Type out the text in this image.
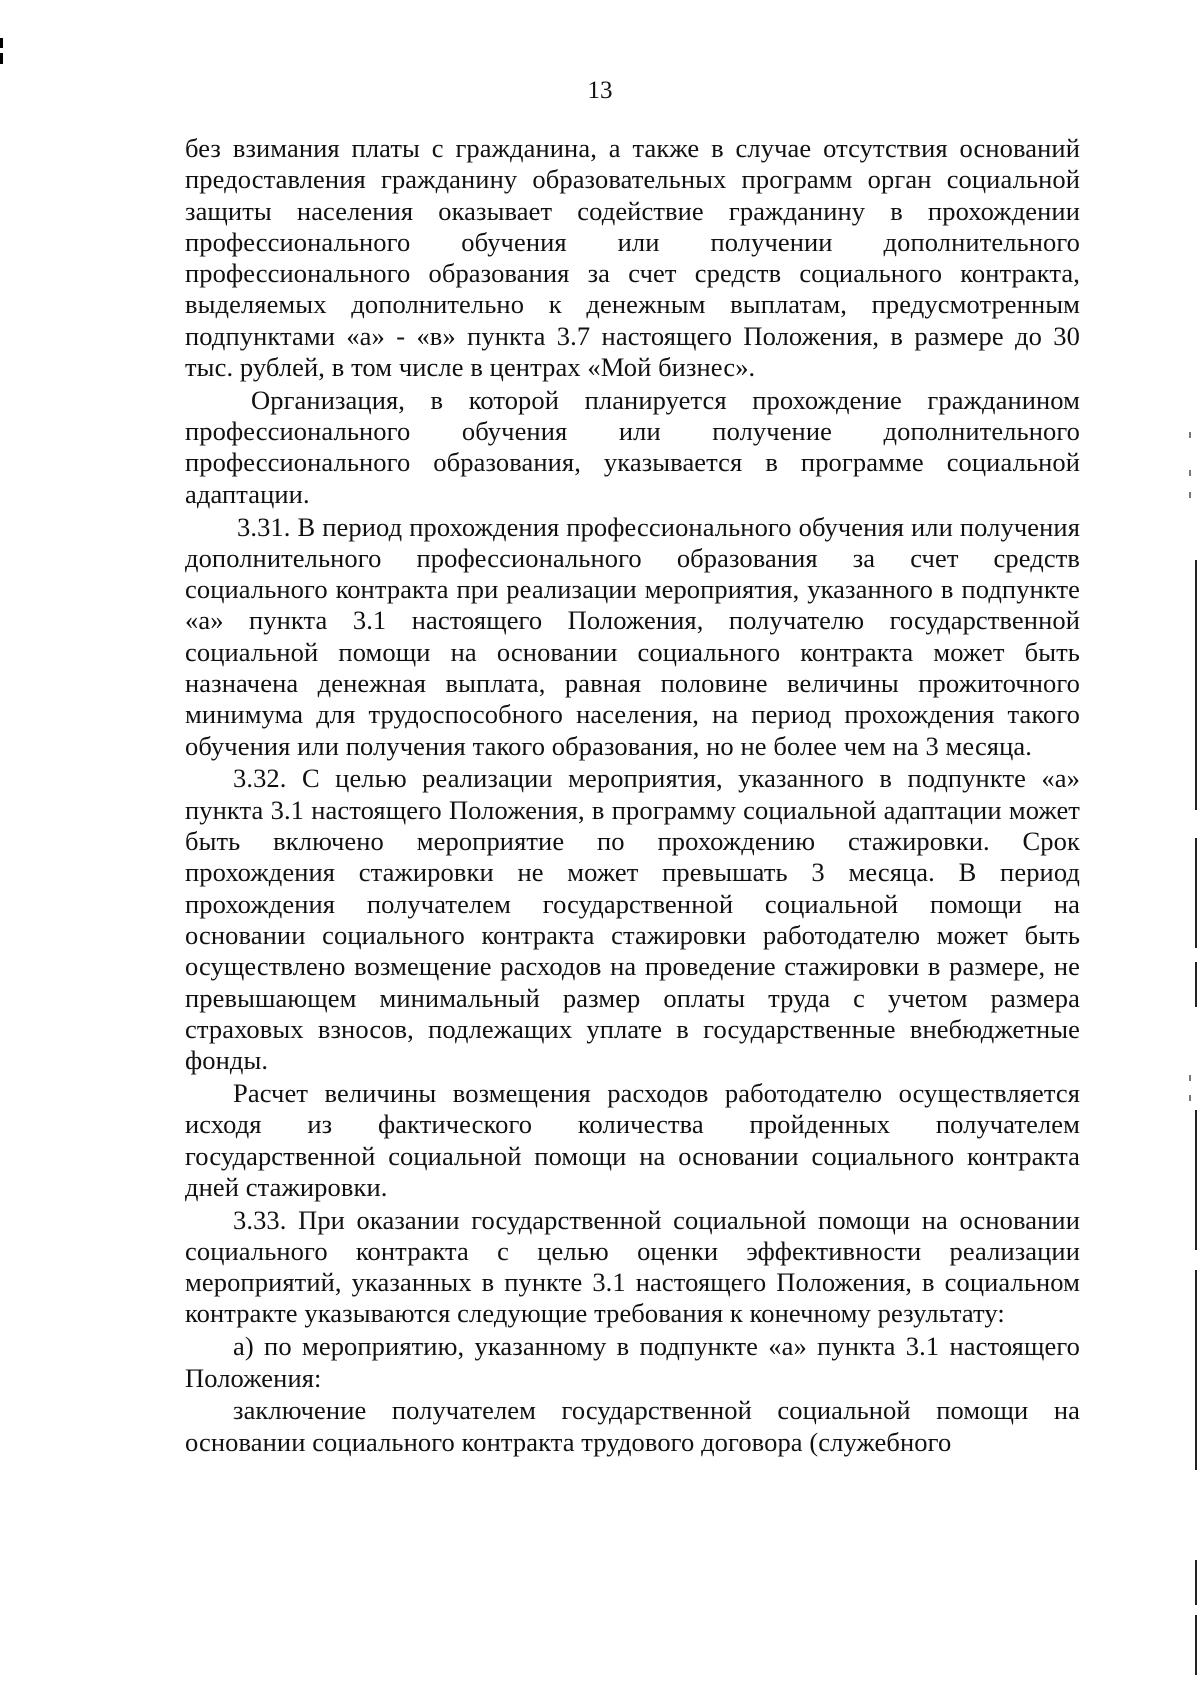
13

без взимания платы с гражданина, а также в случае отсутствия оснований предоставления гражданину образовательных программ орган социальной защиты населения оказывает содействие гражданину в прохождении профессионального обучения или получении дополнительного профессионального образования за счет средств социального контракта, выделяемых дополнительно к денежным выплатам, предусмотренным подпунктами «а» - «в» пункта 3.7 настоящего Положения, в размере до 30 тыс. рублей, в том числе в центрах «Мой бизнес».

Организация, в которой планируется прохождение гражданином профессионального обучения или получение дополнительного профессионального образования, указывается в программе социальной адаптации.

3.31. В период прохождения профессионального обучения или получения дополнительного профессионального образования за счет средств социального контракта при реализации мероприятия, указанного в подпункте «а» пункта 3.1 настоящего Положения, получателю государственной социальной помощи на основании социального контракта может быть назначена денежная выплата, равная половине величины прожиточного минимума для трудоспособного населения, на период прохождения такого обучения или получения такого образования, но не более чем на 3 месяца.

3.32. С целью реализации мероприятия, указанного в подпункте «а» пункта 3.1 настоящего Положения, в программу социальной адаптации может быть включено мероприятие по прохождению стажировки. Срок прохождения стажировки не может превышать 3 месяца. В период прохождения получателем государственной социальной помощи на основании социального контракта стажировки работодателю может быть осуществлено возмещение расходов на проведение стажировки в размере, не превышающем минимальный размер оплаты труда с учетом размера страховых взносов, подлежащих уплате в государственные внебюджетные фонды.

Расчет величины возмещения расходов работодателю осуществляется исходя из фактического количества пройденных получателем государственной социальной помощи на основании социального контракта дней стажировки.

3.33. При оказании государственной социальной помощи на основании социального контракта с целью оценки эффективности реализации мероприятий, указанных в пункте 3.1 настоящего Положения, в социальном контракте указываются следующие требования к конечному результату:

а) по мероприятию, указанному в подпункте «а» пункта 3.1 настоящего Положения:

заключение получателем государственной социальной помощи на основании социального контракта трудового договора (служебного
